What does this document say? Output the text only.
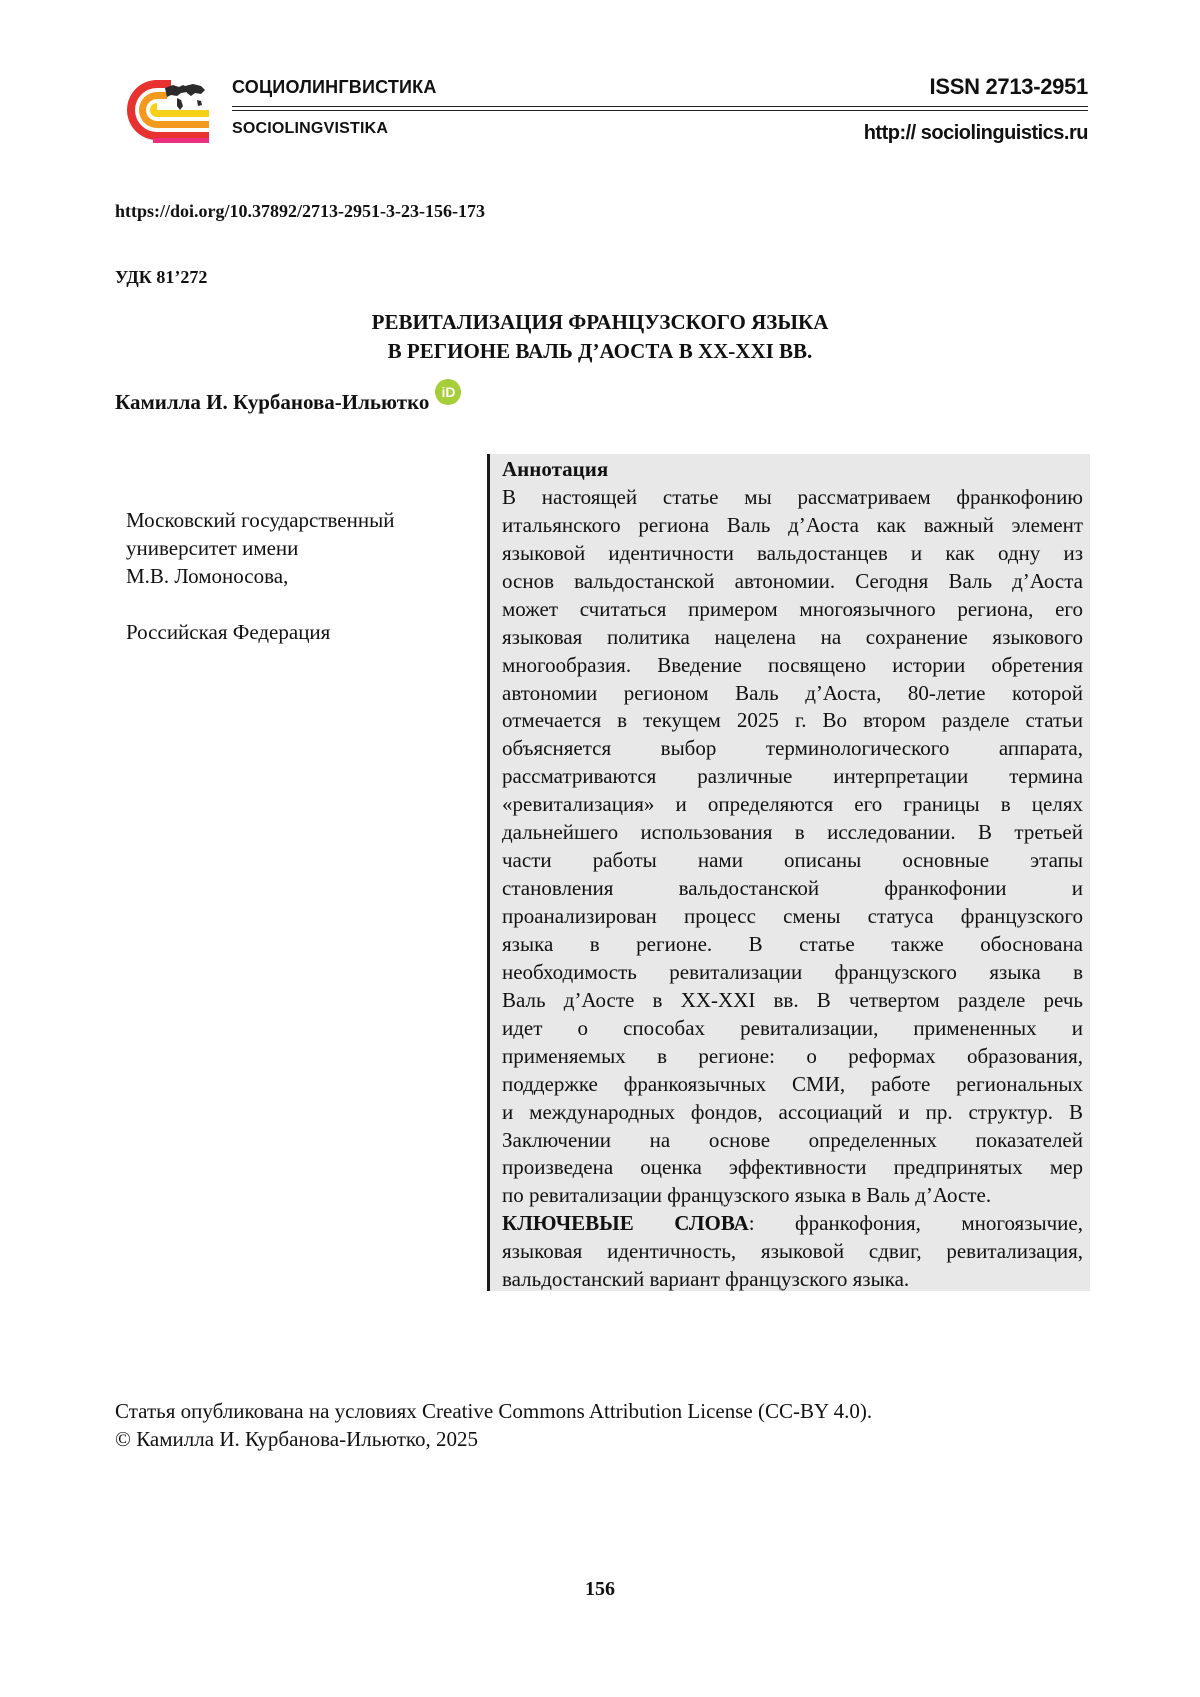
СОЦИОЛИНГВИСТИКА
SOCIOLINGVISTIKA
ISSN 2713-2951
http:// sociolinguistics.ru
https://doi.org/10.37892/2713-2951-3-23-156-173
УДК 81’272
РЕВИТАЛИЗАЦИЯ ФРАНЦУЗСКОГО ЯЗЫКА
В РЕГИОНЕ ВАЛЬ Д’АОСТА В XX-XXI ВВ.
Камилла И. Курбанова-Ильютко iD
Московский государственный
университет имени
М.В. Ломоносова,
Российская Федерация
Аннотация
В настоящей статье мы рассматриваем франкофонию
итальянского региона Валь д’Аоста как важный элемент
языковой идентичности вальдостанцев и как одну из
основ вальдостанской автономии. Сегодня Валь д’Аоста
может считаться примером многоязычного региона, его
языковая политика нацелена на сохранение языкового
многообразия. Введение посвящено истории обретения
автономии регионом Валь д’Аоста, 80-летие которой
отмечается в текущем 2025 г. Во втором разделе статьи
объясняется выбор терминологического аппарата,
рассматриваются различные интерпретации термина
«ревитализация» и определяются его границы в целях
дальнейшего использования в исследовании. В третьей
части работы нами описаны основные этапы
становления вальдостанской франкофонии и
проанализирован процесс смены статуса французского
языка в регионе. В статье также обоснована
необходимость ревитализации французского языка в
Валь д’Аосте в XX-XXI вв. В четвертом разделе речь
идет о способах ревитализации, примененных и
применяемых в регионе: о реформах образования,
поддержке франкоязычных СМИ, работе региональных
и международных фондов, ассоциаций и пр. структур. В
Заключении на основе определенных показателей
произведена оценка эффективности предпринятых мер
по ревитализации французского языка в Валь д’Аосте.
КЛЮЧЕВЫЕ СЛОВА: франкофония, многоязычие,
языковая идентичность, языковой сдвиг, ревитализация,
вальдостанский вариант французского языка.
Статья опубликована на условиях Creative Commons Attribution License (CC-BY 4.0).
© Камилла И. Курбанова-Ильютко, 2025
156
